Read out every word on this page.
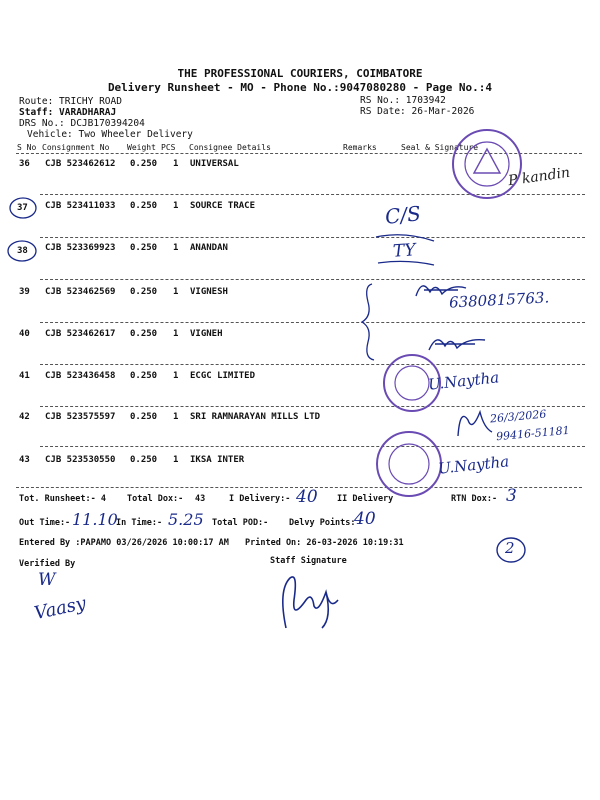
THE PROFESSIONAL COURIERS, COIMBATORE
Delivery Runsheet - MO - Phone No.:9047080280 - Page No.:4
Route: TRICHY ROAD
Staff: VARADHARAJ
DRS No.: DCJB170394204
Vehicle: Two Wheeler Delivery
RS No.: 1703942
RS Date: 26-Mar-2026
S No Consignment No Weight PCS Consignee Details	Remarks	Seal & Signature
36 CJB 523462612 0.250 1 UNIVERSAL
37 CJB 523411033 0.250 1 SOURCE TRACE
38 CJB 523369923 0.250 1 ANANDAN
39 CJB 523462569 0.250 1 VIGNESH
40 CJB 523462617 0.250 1 VIGNEH
41 CJB 523436458 0.250 1 ECGC LIMITED
42 CJB 523575597 0.250 1 SRI RAMNARAYAN MILLS LTD
43 CJB 523530550 0.250 1 IKSA INTER
Tot. Runsheet:- 4 Total Dox:- 43	I Delivery:-	II Delivery	RTN Dox:-
Out Time:-	In Time:-	Total POD:- Delvy Points:
Entered By :PAPAMO 03/26/2026 10:00:17 AM Printed On: 26-03-2026 10:19:31
Verified By	Staff Signature
C/S
TY
6380815763.
P kandin
U.Naytha
U.Naytha
26/3/2026
99416-51181
40	3
11.10	5.25	40
2
W
Vaasy
